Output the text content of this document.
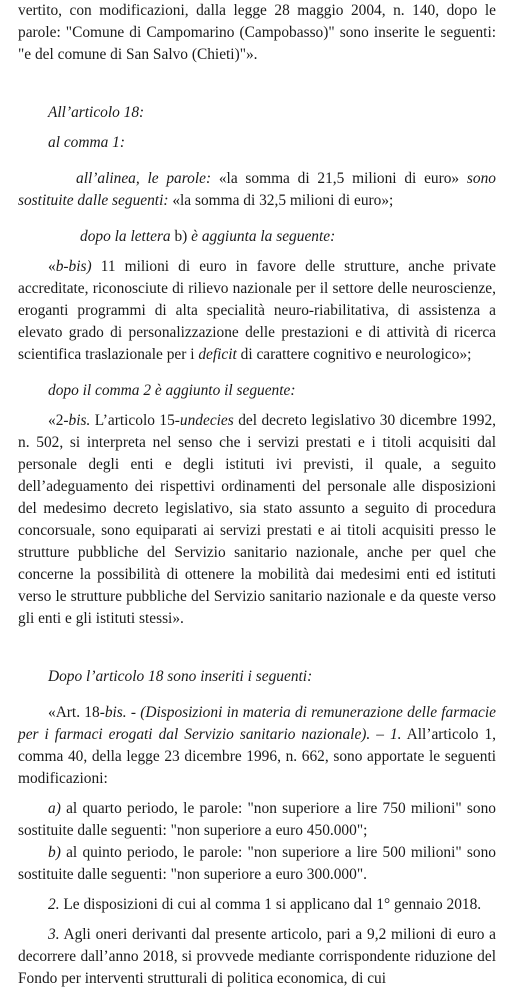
vertito, con modificazioni, dalla legge 28 maggio 2004, n. 140, dopo le parole: "Comune di Campomarino (Campobasso)" sono inserite le seguenti: "e del comune di San Salvo (Chieti)"».

All’articolo 18:

al comma 1:

all’alinea, le parole: «la somma di 21,5 milioni di euro» sono sostituite dalle seguenti: «la somma di 32,5 milioni di euro»;

dopo la lettera b) è aggiunta la seguente:

«b-bis) 11 milioni di euro in favore delle strutture, anche private accreditate, riconosciute di rilievo nazionale per il settore delle neuroscienze, eroganti programmi di alta specialità neuro-riabilitativa, di assistenza a elevato grado di personalizzazione delle prestazioni e di attività di ricerca scientifica traslazionale per i deficit di carattere cognitivo e neurologico»;

dopo il comma 2 è aggiunto il seguente:

«2-bis. L’articolo 15-undecies del decreto legislativo 30 dicembre 1992, n. 502, si interpreta nel senso che i servizi prestati e i titoli acquisiti dal personale degli enti e degli istituti ivi previsti, il quale, a seguito dell’adeguamento dei rispettivi ordinamenti del personale alle disposizioni del medesimo decreto legislativo, sia stato assunto a seguito di procedura concorsuale, sono equiparati ai servizi prestati e ai titoli acquisiti presso le strutture pubbliche del Servizio sanitario nazionale, anche per quel che concerne la possibilità di ottenere la mobilità dai medesimi enti ed istituti verso le strutture pubbliche del Servizio sanitario nazionale e da queste verso gli enti e gli istituti stessi».

Dopo l’articolo 18 sono inseriti i seguenti:

«Art. 18-bis. - (Disposizioni in materia di remunerazione delle farmacie per i farmaci erogati dal Servizio sanitario nazionale). – 1. All’articolo 1, comma 40, della legge 23 dicembre 1996, n. 662, sono apportate le seguenti modificazioni:

a) al quarto periodo, le parole: "non superiore a lire 750 milioni" sono sostituite dalle seguenti: "non superiore a euro 450.000";

b) al quinto periodo, le parole: "non superiore a lire 500 milioni" sono sostituite dalle seguenti: "non superiore a euro 300.000".

2. Le disposizioni di cui al comma 1 si applicano dal 1° gennaio 2018.

3. Agli oneri derivanti dal presente articolo, pari a 9,2 milioni di euro a decorrere dall’anno 2018, si provvede mediante corrispondente riduzione del Fondo per interventi strutturali di politica economica, di cui
